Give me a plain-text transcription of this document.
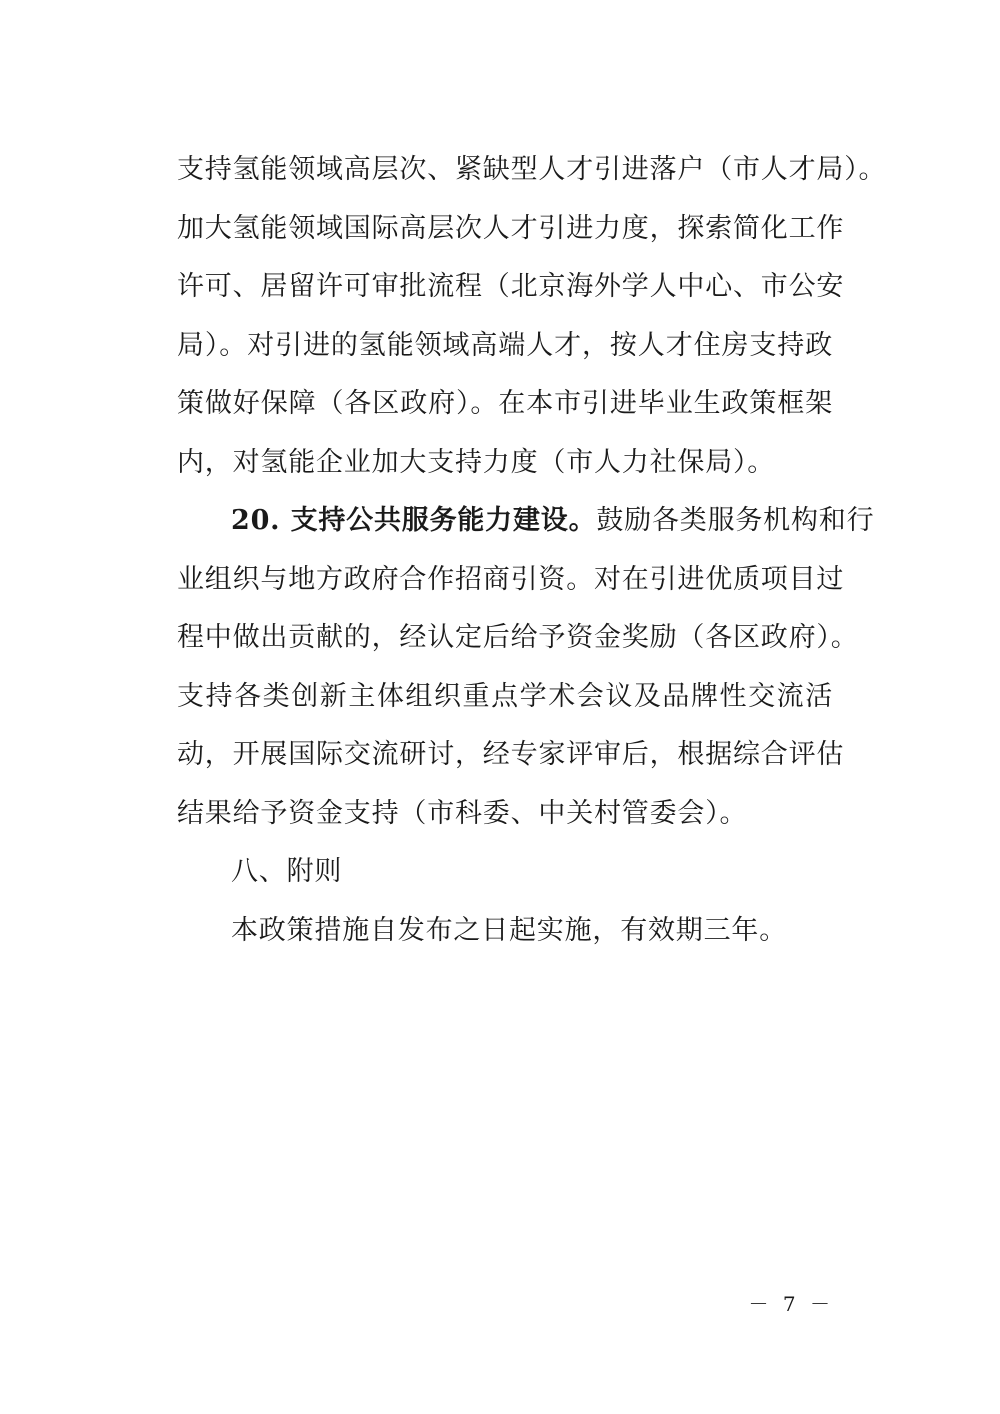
支持氢能领域高层次、紧缺型人才引进落户（市人才局）。
加大氢能领域国际高层次人才引进力度，探索简化工作
许可、居留许可审批流程（北京海外学人中心、市公安
局）。对引进的氢能领域高端人才，按人才住房支持政
策做好保障（各区政府）。在本市引进毕业生政策框架
内，对氢能企业加大支持力度（市人力社保局）。
20. 支持公共服务能力建设。鼓励各类服务机构和行
业组织与地方政府合作招商引资。对在引进优质项目过
程中做出贡献的，经认定后给予资金奖励（各区政府）。
支持各类创新主体组织重点学术会议及品牌性交流活
动，开展国际交流研讨，经专家评审后，根据综合评估
结果给予资金支持（市科委、中关村管委会）。
八、附则
本政策措施自发布之日起实施，有效期三年。
－ 7 －
